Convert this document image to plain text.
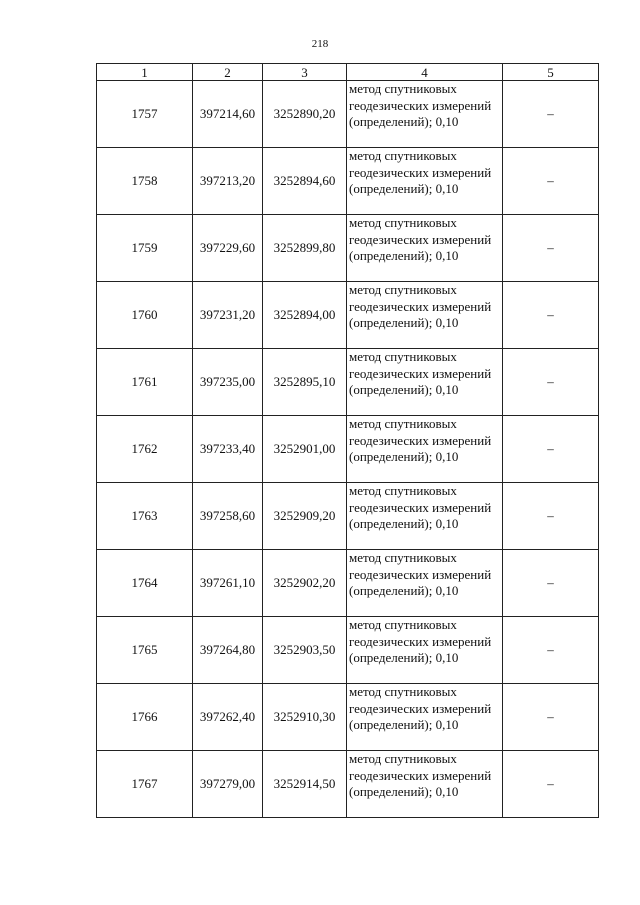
218
1	2	3	4	5
1757	397214,60	3252890,20	метод спутниковых геодезических измерений (определений); 0,10	–
1758	397213,20	3252894,60	метод спутниковых геодезических измерений (определений); 0,10	–
1759	397229,60	3252899,80	метод спутниковых геодезических измерений (определений); 0,10	–
1760	397231,20	3252894,00	метод спутниковых геодезических измерений (определений); 0,10	–
1761	397235,00	3252895,10	метод спутниковых геодезических измерений (определений); 0,10	–
1762	397233,40	3252901,00	метод спутниковых геодезических измерений (определений); 0,10	–
1763	397258,60	3252909,20	метод спутниковых геодезических измерений (определений); 0,10	–
1764	397261,10	3252902,20	метод спутниковых геодезических измерений (определений); 0,10	–
1765	397264,80	3252903,50	метод спутниковых геодезических измерений (определений); 0,10	–
1766	397262,40	3252910,30	метод спутниковых геодезических измерений (определений); 0,10	–
1767	397279,00	3252914,50	метод спутниковых геодезических измерений (определений); 0,10	–
